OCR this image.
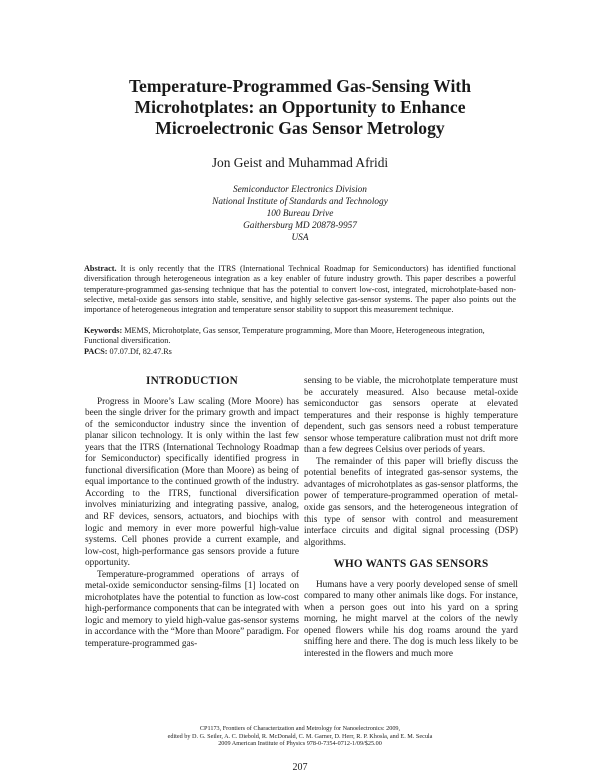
Temperature-Programmed Gas-Sensing With
Microhotplates: an Opportunity to Enhance
Microelectronic Gas Sensor Metrology

Jon Geist and Muhammad Afridi

Semiconductor Electronics Division
National Institute of Standards and Technology
100 Bureau Drive
Gaithersburg MD 20878-9957
USA

Abstract. It is only recently that the ITRS (International Technical Roadmap for Semiconductors) has identified functional diversification through heterogeneous integration as a key enabler of future industry growth. This paper describes a powerful temperature-programmed gas-sensing technique that has the potential to convert low-cost, integrated, microhotplate-based non-selective, metal-oxide gas sensors into stable, sensitive, and highly selective gas-sensor systems. The paper also points out the importance of heterogeneous integration and temperature sensor stability to support this measurement technique.

Keywords: MEMS, Microhotplate, Gas sensor, Temperature programming, More than Moore, Heterogeneous integration, Functional diversification.

PACS: 07.07.Df, 82.47.Rs

INTRODUCTION

Progress in Moore’s Law scaling (More Moore) has been the single driver for the primary growth and impact of the semiconductor industry since the invention of planar silicon technology. It is only within the last few years that the ITRS (International Technology Roadmap for Semiconductor) specifically identified progress in functional diversification (More than Moore) as being of equal importance to the continued growth of the industry. According to the ITRS, functional diversification involves miniaturizing and integrating passive, analog, and RF devices, sensors, actuators, and biochips with logic and memory in ever more powerful high-value systems. Cell phones provide a current example, and low-cost, high-performance gas sensors provide a future opportunity.

Temperature-programmed operations of arrays of metal-oxide semiconductor sensing-films [1] located on microhotplates have the potential to function as low-cost high-performance components that can be integrated with logic and memory to yield high-value gas-sensor systems in accordance with the “More than Moore” paradigm. For temperature-programmed gas-

sensing to be viable, the microhotplate temperature must be accurately measured. Also because metal-oxide semiconductor gas sensors operate at elevated temperatures and their response is highly temperature dependent, such gas sensors need a robust temperature sensor whose temperature calibration must not drift more than a few degrees Celsius over periods of years.

The remainder of this paper will briefly discuss the potential benefits of integrated gas-sensor systems, the advantages of microhotplates as gas-sensor platforms, the power of temperature-programmed operation of metal-oxide gas sensors, and the heterogeneous integration of this type of sensor with control and measurement interface circuits and digital signal processing (DSP) algorithms.

WHO WANTS GAS SENSORS

Humans have a very poorly developed sense of smell compared to many other animals like dogs. For instance, when a person goes out into his yard on a spring morning, he might marvel at the colors of the newly opened flowers while his dog roams around the yard sniffing here and there. The dog is much less likely to be interested in the flowers and much more

CP1173, Frontiers of Characterization and Metrology for Nanoelectronics: 2009,
edited by D. G. Seiler, A. C. Diebold, R. McDonald, C. M. Garner, D. Herr, R. P. Khosla, and E. M. Secula
2009 American Institute of Physics 978-0-7354-0712-1/09/$25.00
207
